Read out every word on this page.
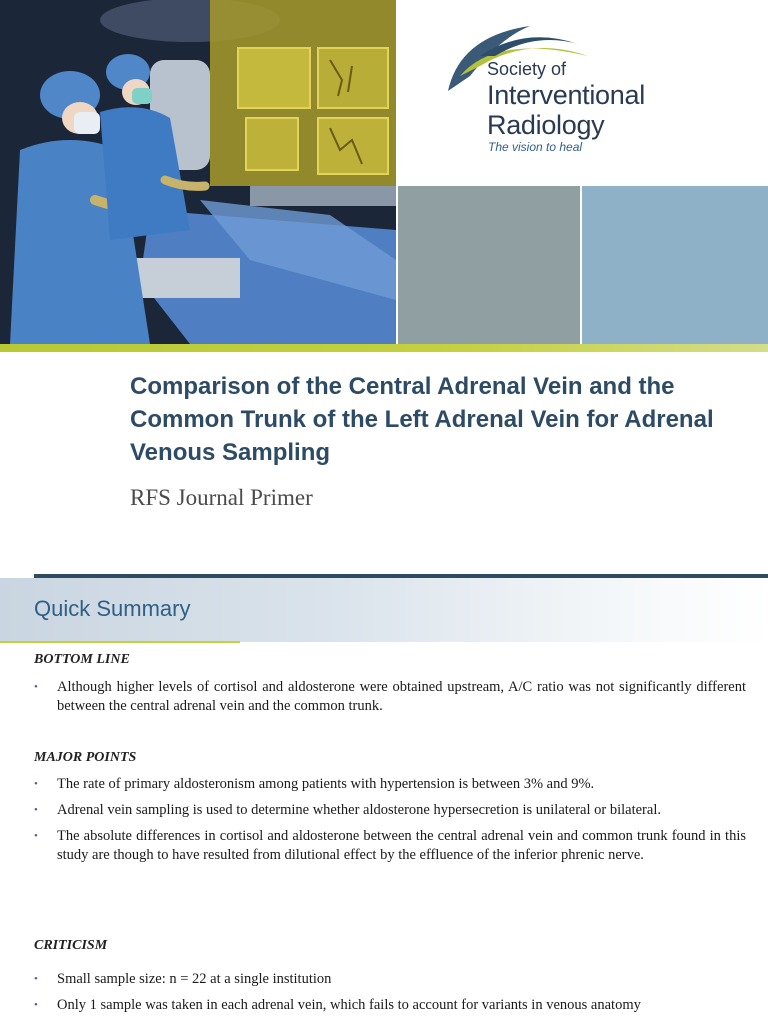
Society of
Interventional
Radiology
The vision to heal
Comparison of the Central Adrenal Vein and the Common Trunk of the Left Adrenal Vein for Adrenal Venous Sampling
RFS Journal Primer
Quick Summary
BOTTOM LINE
• Although higher levels of cortisol and aldosterone were obtained upstream, A/C ratio was not significantly different between the central adrenal vein and the common trunk.
MAJOR POINTS
• The rate of primary aldosteronism among patients with hypertension is between 3% and 9%.
• Adrenal vein sampling is used to determine whether aldosterone hypersecretion is unilateral or bilateral.
• The absolute differences in cortisol and aldosterone between the central adrenal vein and common trunk found in this study are though to have resulted from dilutional effect by the effluence of the inferior phrenic nerve.
CRITICISM
• Small sample size: n = 22 at a single institution
• Only 1 sample was taken in each adrenal vein, which fails to account for variants in venous anatomy
